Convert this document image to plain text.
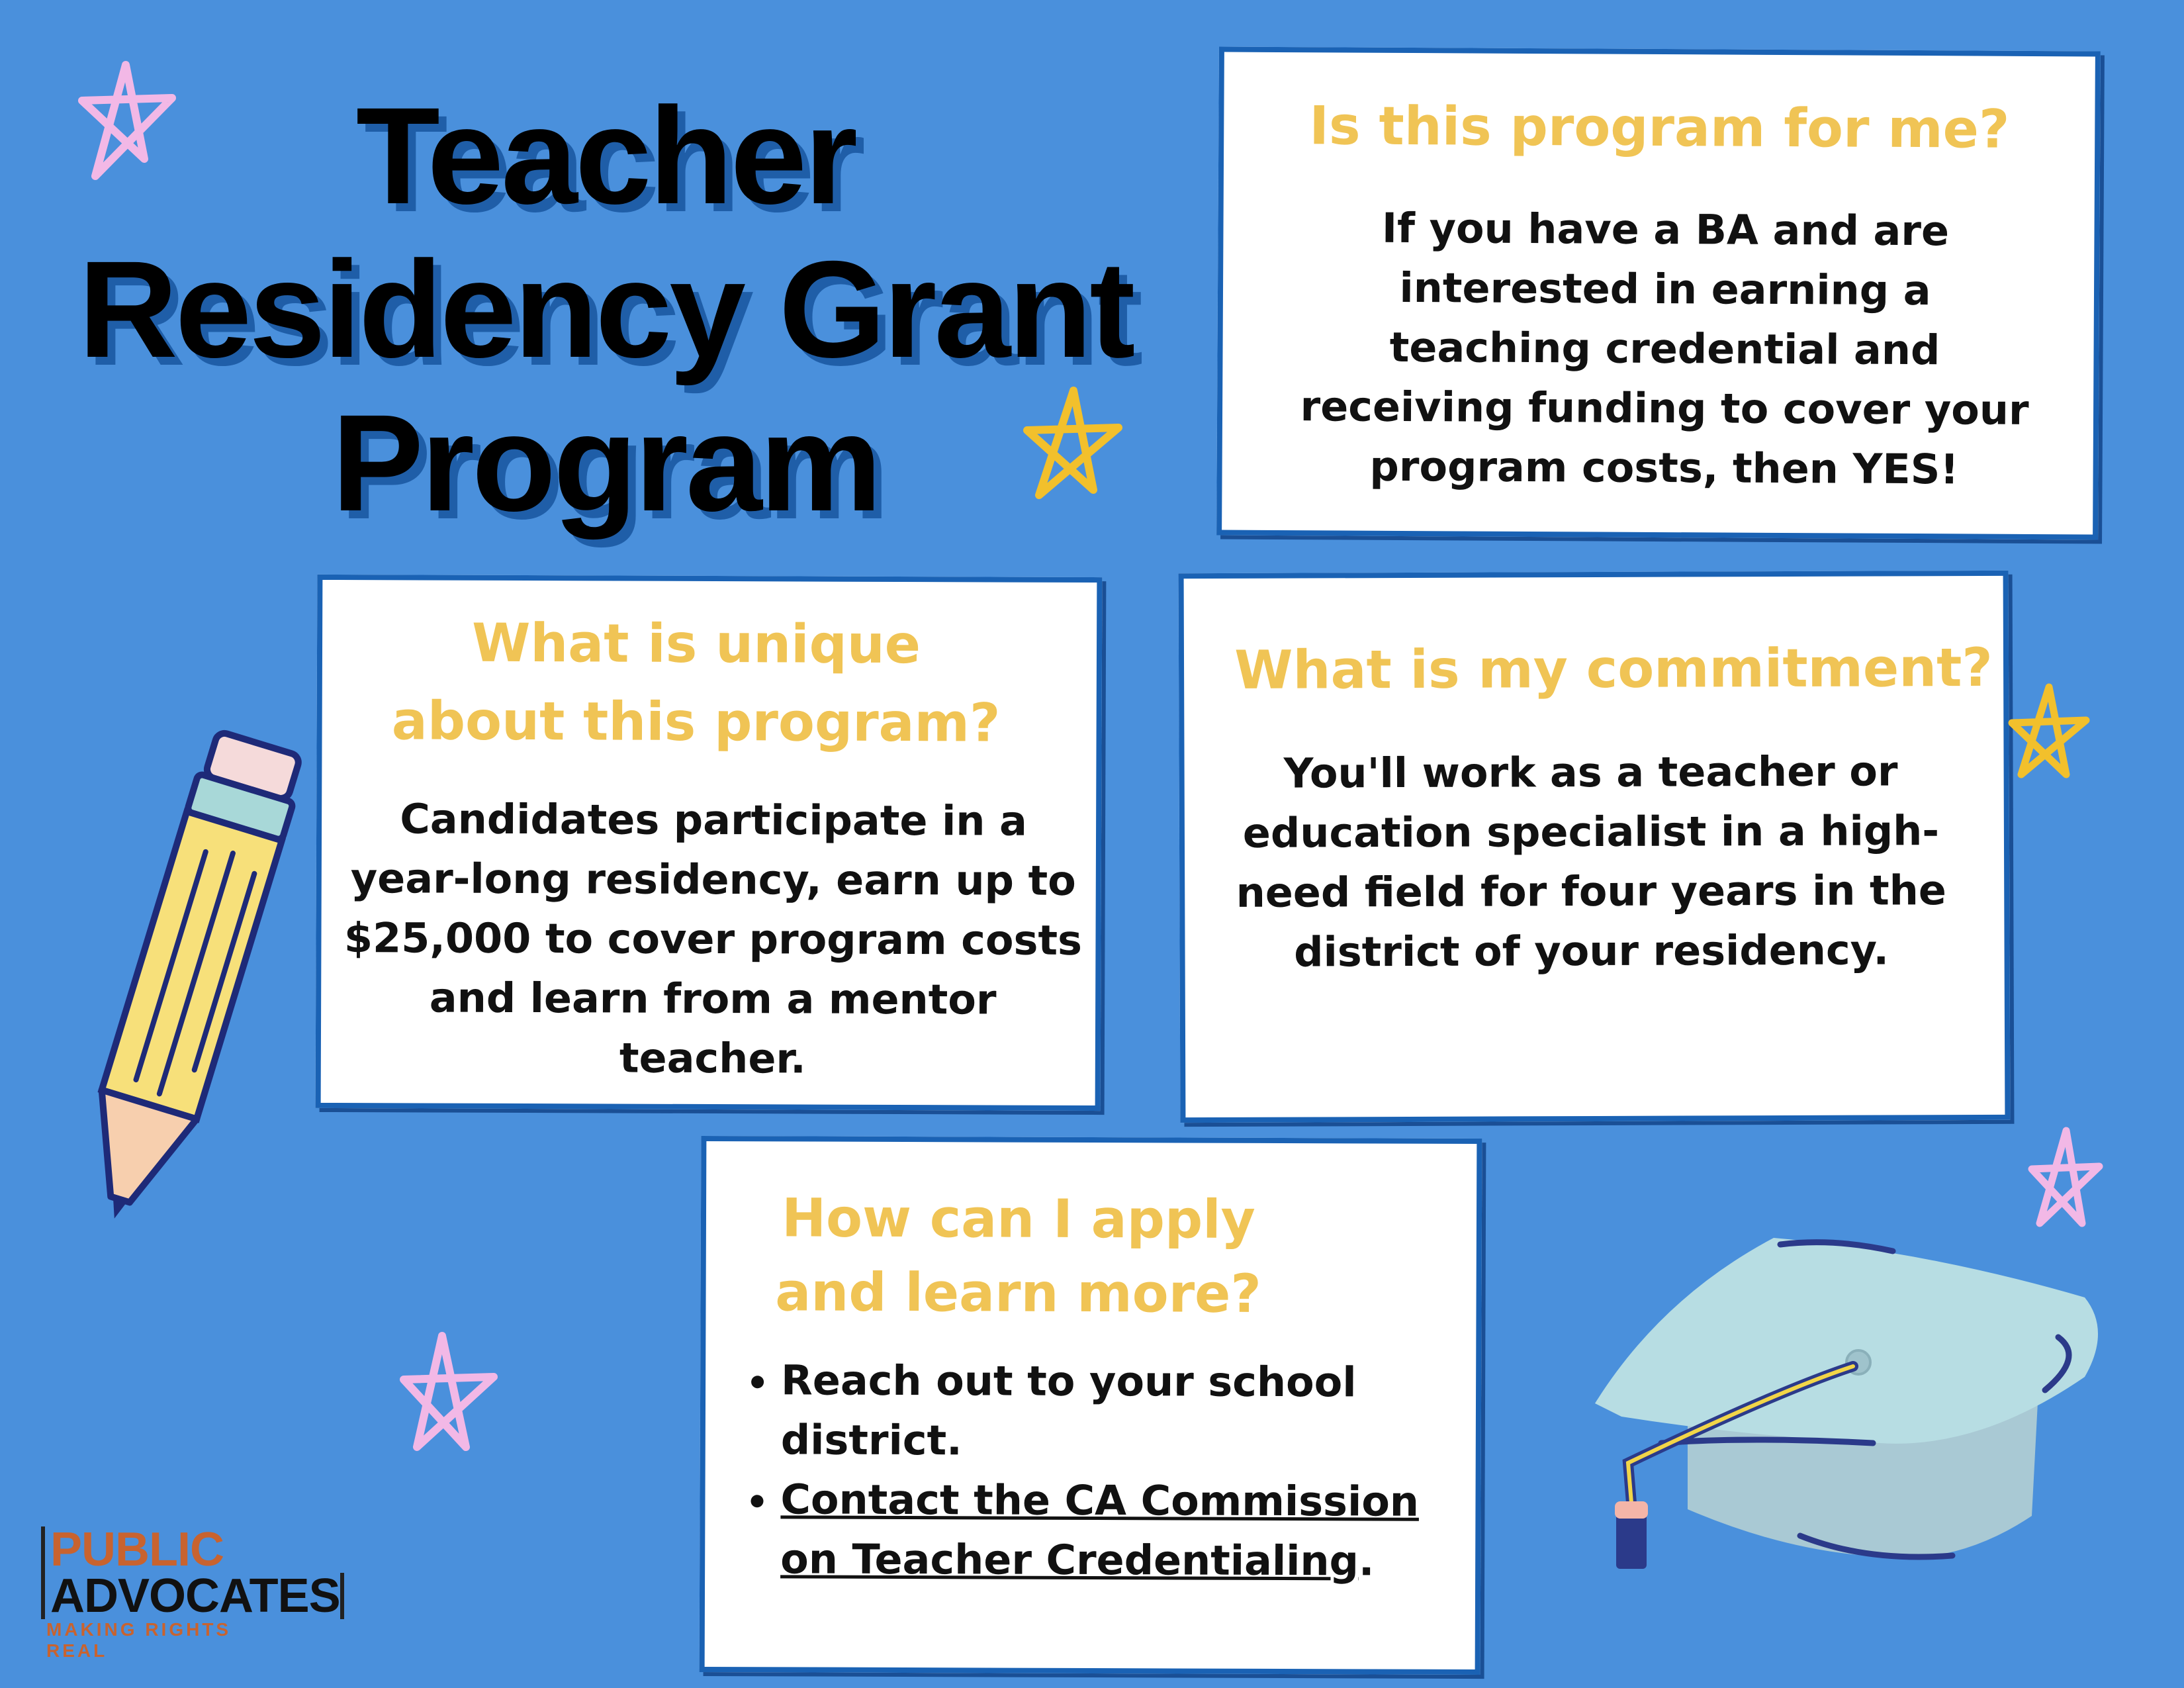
Teacher
Residency Grant
Program
Is this program for me?

If you have a BA and are interested in earning a teaching credential and receiving funding to cover your program costs, then YES!

What is unique
about this program?

Candidates participate in a year-long residency, earn up to $25,000 to cover program costs and learn from a mentor teacher.

What is my commitment?

You'll work as a teacher or education specialist in a high-need field for four years in the district of your residency.

How can I apply
and learn more?
• Reach out to your school district.
• Contact the CA Commission on Teacher Credentialing.
PUBLIC
ADVOCATES
MAKING RIGHTS REAL
